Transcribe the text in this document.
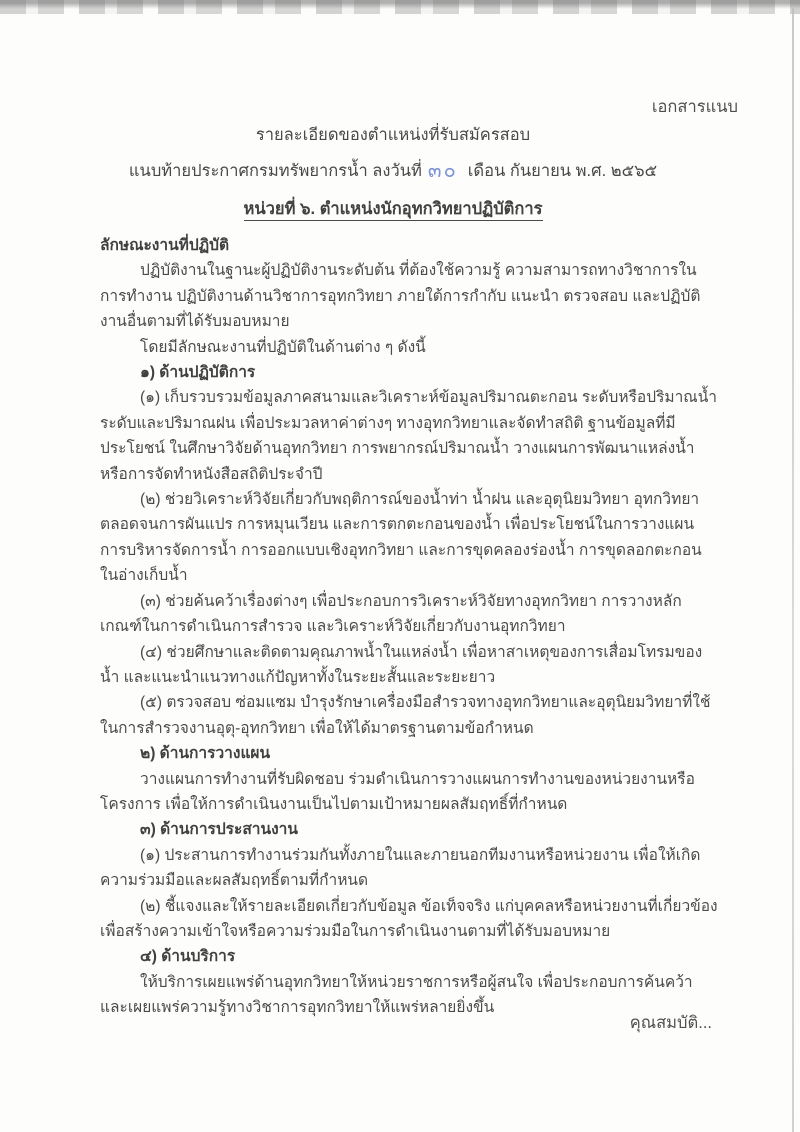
เอกสารแนบ
รายละเอียดของตำแหน่งที่รับสมัครสอบ
แนบท้ายประกาศกรมทรัพยากรน้ำ ลงวันที่ ๓๐ เดือน กันยายน พ.ศ. ๒๕๖๕
หน่วยที่ ๖. ตำแหน่งนักอุทกวิทยาปฏิบัติการ
ลักษณะงานที่ปฏิบัติ

ปฏิบัติงานในฐานะผู้ปฏิบัติงานระดับต้น ที่ต้องใช้ความรู้ ความสามารถทางวิชาการในการทำงาน ปฏิบัติงานด้านวิชาการอุทกวิทยา ภายใต้การกำกับ แนะนำ ตรวจสอบ และปฏิบัติงานอื่นตามที่ได้รับมอบหมาย

โดยมีลักษณะงานที่ปฏิบัติในด้านต่าง ๆ ดังนี้

๑) ด้านปฏิบัติการ

(๑) เก็บรวบรวมข้อมูลภาคสนามและวิเคราะห์ข้อมูลปริมาณตะกอน ระดับหรือปริมาณน้ำ ระดับและปริมาณฝน เพื่อประมวลหาค่าต่างๆ ทางอุทกวิทยาและจัดทำสถิติ ฐานข้อมูลที่มีประโยชน์ ในศึกษาวิจัยด้านอุทกวิทยา การพยากรณ์ปริมาณน้ำ วางแผนการพัฒนาแหล่งน้ำ หรือการจัดทำหนังสือสถิติประจำปี

(๒) ช่วยวิเคราะห์วิจัยเกี่ยวกับพฤติการณ์ของน้ำท่า น้ำฝน และอุตุนิยมวิทยา อุทกวิทยา ตลอดจนการผันแปร การหมุนเวียน และการตกตะกอนของน้ำ เพื่อประโยชน์ในการวางแผนการบริหารจัดการน้ำ การออกแบบเชิงอุทกวิทยา และการขุดคลองร่องน้ำ การขุดลอกตะกอนในอ่างเก็บน้ำ

(๓) ช่วยค้นคว้าเรื่องต่างๆ เพื่อประกอบการวิเคราะห์วิจัยทางอุทกวิทยา การวางหลักเกณฑ์ในการดำเนินการสำรวจ และวิเคราะห์วิจัยเกี่ยวกับงานอุทกวิทยา

(๔) ช่วยศึกษาและติดตามคุณภาพน้ำในแหล่งน้ำ เพื่อหาสาเหตุของการเสื่อมโทรมของน้ำ และแนะนำแนวทางแก้ปัญหาทั้งในระยะสั้นและระยะยาว

(๕) ตรวจสอบ ซ่อมแซม บำรุงรักษาเครื่องมือสำรวจทางอุทกวิทยาและอุตุนิยมวิทยาที่ใช้ในการสำรวจงานอุตุ-อุทกวิทยา เพื่อให้ได้มาตรฐานตามข้อกำหนด

๒) ด้านการวางแผน

วางแผนการทำงานที่รับผิดชอบ ร่วมดำเนินการวางแผนการทำงานของหน่วยงานหรือโครงการ เพื่อให้การดำเนินงานเป็นไปตามเป้าหมายผลสัมฤทธิ์ที่กำหนด

๓) ด้านการประสานงาน

(๑) ประสานการทำงานร่วมกันทั้งภายในและภายนอกทีมงานหรือหน่วยงาน เพื่อให้เกิดความร่วมมือและผลสัมฤทธิ์ตามที่กำหนด

(๒) ชี้แจงและให้รายละเอียดเกี่ยวกับข้อมูล ข้อเท็จจริง แก่บุคคลหรือหน่วยงานที่เกี่ยวข้อง เพื่อสร้างความเข้าใจหรือความร่วมมือในการดำเนินงานตามที่ได้รับมอบหมาย

๔) ด้านบริการ

ให้บริการเผยแพร่ด้านอุทกวิทยาให้หน่วยราชการหรือผู้สนใจ เพื่อประกอบการค้นคว้า และเผยแพร่ความรู้ทางวิชาการอุทกวิทยาให้แพร่หลายยิ่งขึ้น

คุณสมบัติ...
